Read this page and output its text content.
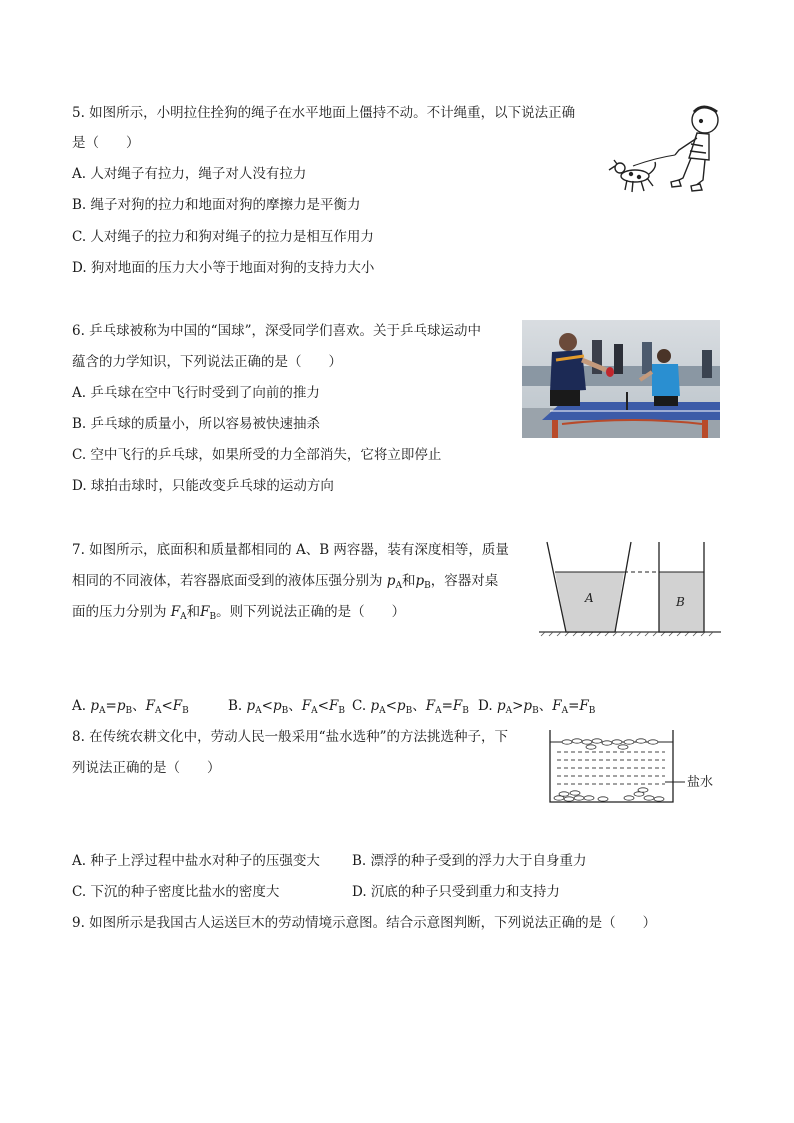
5. 如图所示，小明拉住拴狗的绳子在水平地面上僵持不动。不计绳重，以下说法正确
是（　　）
A. 人对绳子有拉力，绳子对人没有拉力
B. 绳子对狗的拉力和地面对狗的摩擦力是平衡力
C. 人对绳子的拉力和狗对绳子的拉力是相互作用力
D. 狗对地面的压力大小等于地面对狗的支持力大小
6. 乒乓球被称为中国的“国球”，深受同学们喜欢。关于乒乓球运动中
蕴含的力学知识，下列说法正确的是（　　）
A. 乒乓球在空中飞行时受到了向前的推力
B. 乒乓球的质量小，所以容易被快速抽杀
C. 空中飞行的乒乓球，如果所受的力全部消失，它将立即停止
D. 球拍击球时，只能改变乒乓球的运动方向
7. 如图所示，底面积和质量都相同的 A、B 两容器，装有深度相等，质量
相同的不同液体，若容器底面受到的液体压强分别为 $p_A$和$p_B$，容器对桌
面的压力分别为 $F_A$和$F_B$。则下列说法正确的是（　　）
A	B
A. $p_A=p_B$、$F_A<F_B$	B. $p_A<p_B$、$F_A<F_B$ C. $p_A<p_B$、$F_A=F_B$ D. $p_A>p_B$、$F_A=F_B$
8. 在传统农耕文化中，劳动人民一般采用“盐水选种”的方法挑选种子，下
列说法正确的是（　　）
盐水
A. 种子上浮过程中盐水对种子的压强变大 B. 漂浮的种子受到的浮力大于自身重力
C. 下沉的种子密度比盐水的密度大	D. 沉底的种子只受到重力和支持力
9. 如图所示是我国古人运送巨木的劳动情境示意图。结合示意图判断，下列说法正确的是（　　）
